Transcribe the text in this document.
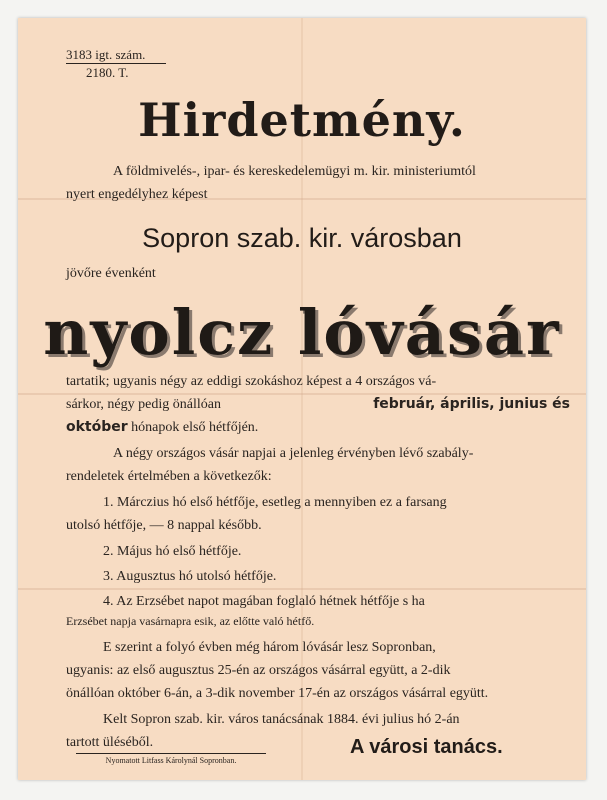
3183 igt. szám.
2180. T.
Hirdetmény.
A földmivelés-, ipar- és kereskedelemügyi m. kir. ministeriumtól
nyert engedélyhez képest
Sopron szab. kir. városban
jövőre évenként
nyolcz lóvásár
tartatik; ugyanis négy az eddigi szokáshoz képest a 4 országos vá-
sárkor, négy pedig önállóan	február, április, junius és
október hónapok első hétfőjén.
A négy országos vásár napjai a jelenleg érvényben lévő szabály-
rendeletek értelmében a következők:
1. Márczius hó első hétfője, esetleg a mennyiben ez a farsang
utolsó hétfője, — 8 nappal később.
2. Május hó első hétfője.
3. Augusztus hó utolsó hétfője.
4. Az Erzsébet napot magában foglaló hétnek hétfője s ha
Erzsébet napja vasárnapra esik, az előtte való hétfő.
E szerint a folyó évben még három lóvásár lesz Sopronban,
ugyanis: az első augusztus 25-én az országos vásárral együtt, a 2-dik
önállóan október 6-án, a 3-dik november 17-én az országos vásárral együtt.
Kelt Sopron szab. kir. város tanácsának 1884. évi julius hó 2-án
tartott üléséből.
Nyomatott Litfass Károlynál Sopronban.
A városi tanács.
